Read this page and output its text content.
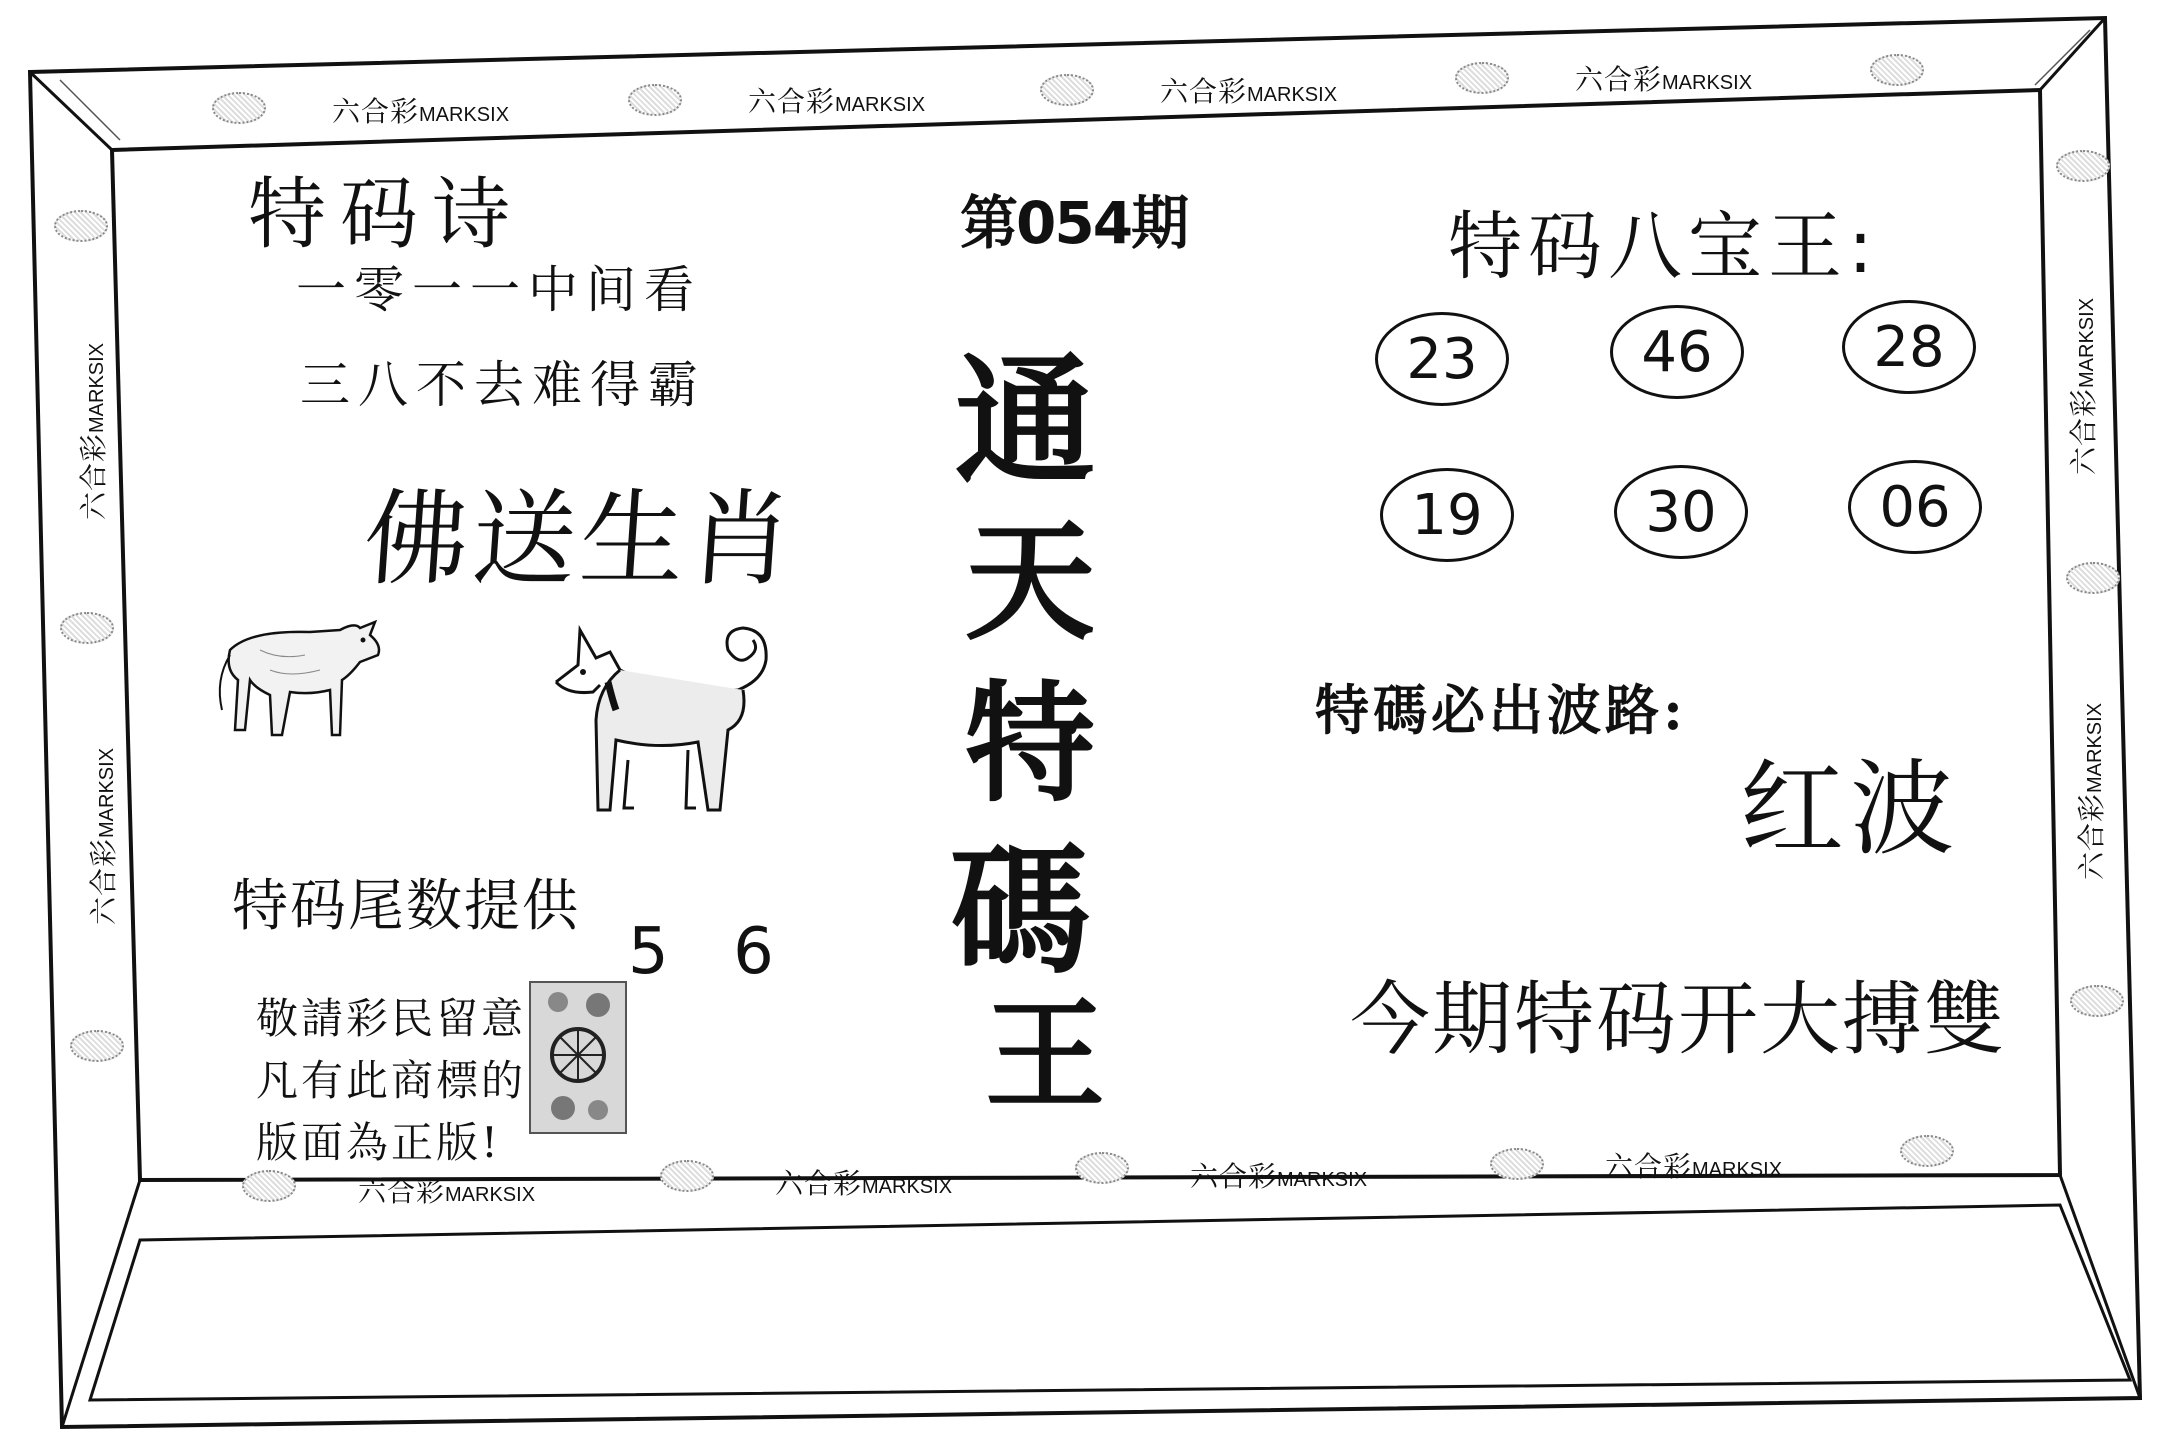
六合彩MARKSIX	六合彩MARKSIX	六合彩MARKSIX	六合彩MARKSIX
六合彩MARKSIX	六合彩MARKSIX	六合彩MARKSIX	六合彩MARKSIX
六合彩MARKSIX
六合彩MARKSIX
六合彩MARKSIX
六合彩MARKSIX
特码诗
一零一一中间看
三八不去难得霸
佛送生肖
特码尾数提供
5 6
敬請彩民留意
凡有此商標的
版面為正版!
第054期
通
天
特
碼
王
特码八宝王:
23	46	28
19	30	06
特碼必出波路:
红波
今期特码开大搏雙
